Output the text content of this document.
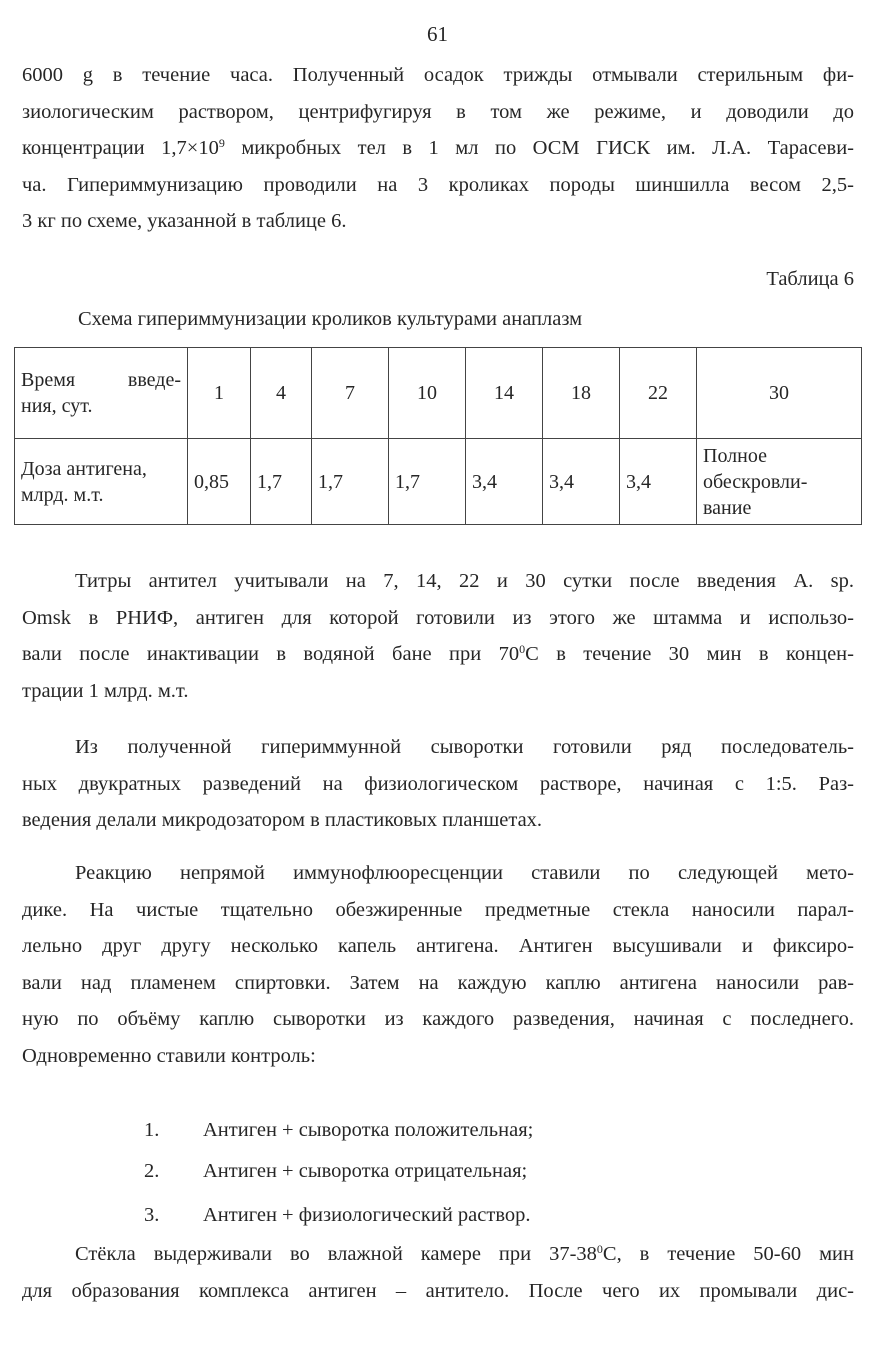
61
6000 g в течение часа. Полученный осадок трижды отмывали стерильным фи-
зиологическим раствором, центрифугируя в том же режиме, и доводили до
концентрации $1,7\times 10^9$ микробных тел в 1 мл по ОСМ ГИСК им. Л.А. Тарасеви-
ча. Гипериммунизацию проводили на 3 кроликах породы шиншилла весом 2,5-
3 кг по схеме, указанной в таблице 6.
Таблица 6
Схема гипериммунизации кроликов культурами анаплазм
Время введе-
ния, сут.	1	4	7	10	14	18	22	30

Доза антигена,
млрд. м.т.	0,85	1,7	1,7	1,7	3,4	3,4	3,4	Полное
обескровли-
вание
Титры антител учитывали на 7, 14, 22 и 30 сутки после введения A. sp.
Omsk в РНИФ, антиген для которой готовили из этого же штамма и использо-
вали после инактивации в водяной бане при $70^0С$ в течение 30 мин в концен-
трации 1 млрд. м.т.
Из полученной гипериммунной сыворотки готовили ряд последователь-
ных двукратных разведений на физиологическом растворе, начиная с 1:5. Раз-
ведения делали микродозатором в пластиковых планшетах.
Реакцию непрямой иммунофлюоресценции ставили по следующей мето-
дике. На чистые тщательно обезжиренные предметные стекла наносили парал-
лельно друг другу несколько капель антигена. Антиген высушивали и фиксиро-
вали над пламенем спиртовки. Затем на каждую каплю антигена наносили рав-
ную по объёму каплю сыворотки из каждого разведения, начиная с последнего.
Одновременно ставили контроль:
1. Антиген + сыворотка положительная;
2. Антиген + сыворотка отрицательная;
3. Антиген + физиологический раствор.
Стёкла выдерживали во влажной камере при $37-38^0С$, в течение 50-60 мин
для образования комплекса антиген – антитело. После чего их промывали дис-
